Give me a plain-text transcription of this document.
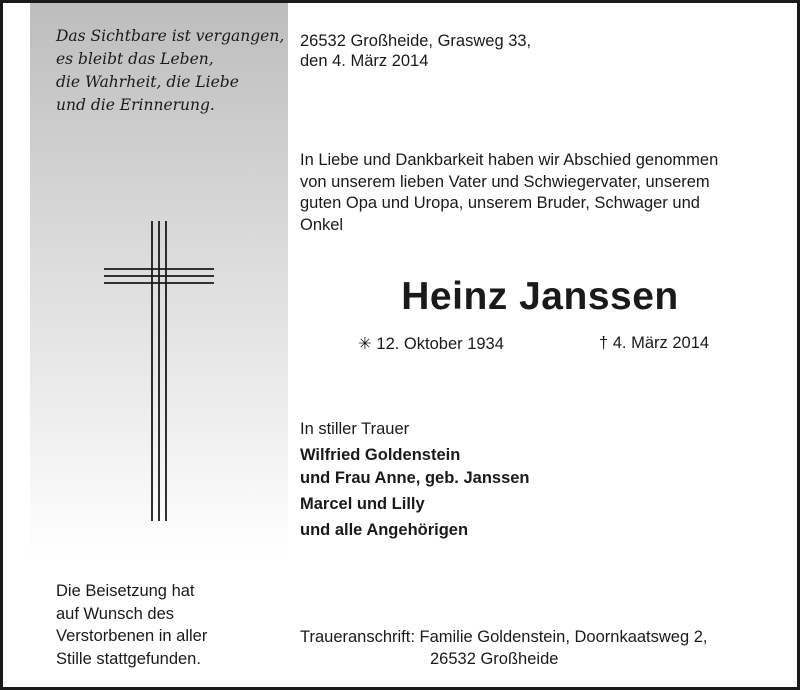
Das Sichtbare ist vergangen,
es bleibt das Leben,
die Wahrheit, die Liebe
und die Erinnerung.
Die Beisetzung hat
auf Wunsch des
Verstorbenen in aller
Stille stattgefunden.
26532 Großheide, Grasweg 33,
den 4. März 2014
In Liebe und Dankbarkeit haben wir Abschied genommen
von unserem lieben Vater und Schwiegervater, unserem
guten Opa und Uropa, unserem Bruder, Schwager und
Onkel
Heinz Janssen
✳ 12. Oktober 1934	† 4. März 2014
In stiller Trauer
Wilfried Goldenstein
und Frau Anne, geb. Janssen
Marcel und Lilly
und alle Angehörigen
Traueranschrift: Familie Goldenstein, Doornkaatsweg 2,
26532 Großheide
